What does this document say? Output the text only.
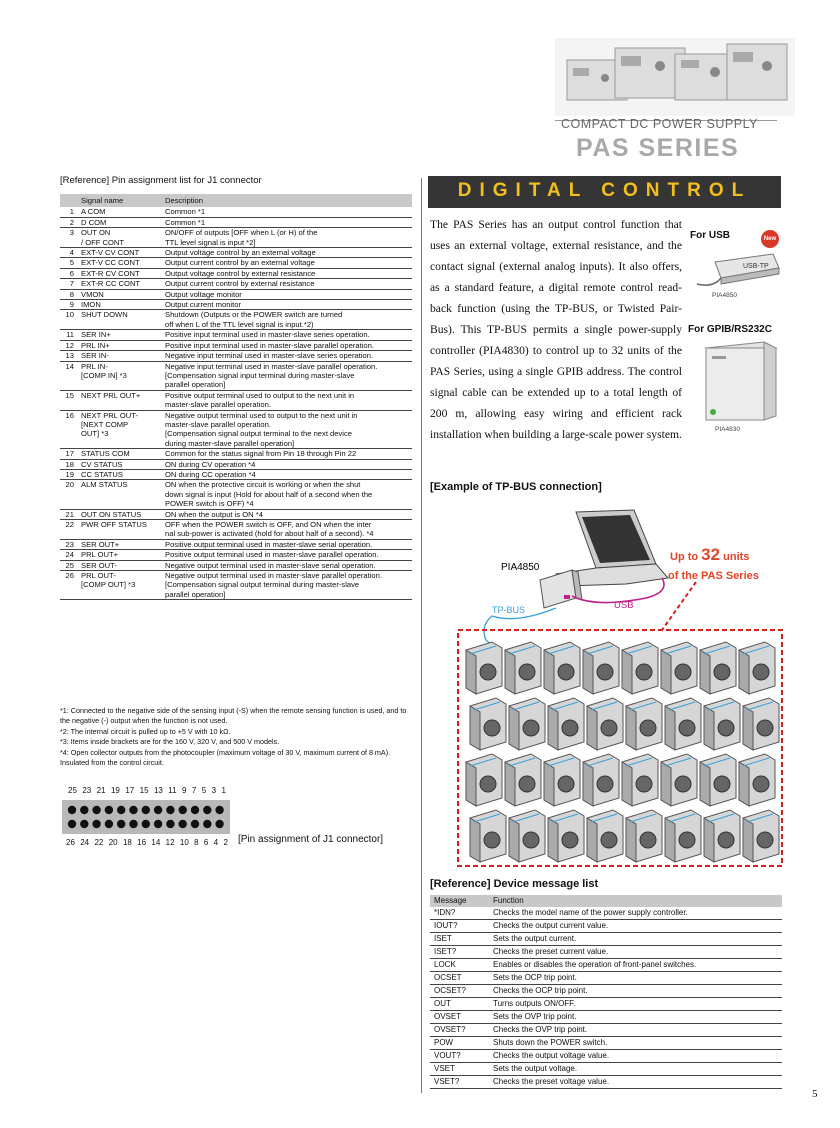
COMPACT DC POWER SUPPLY
PAS SERIES
[Reference] Pin assignment list for J1 connector
	Signal name	Description
1	A COM	Common *1
2	D COM	Common *1
3	OUT ON
/ OFF CONT	ON/OFF of outputs [OFF when L (or H) of the
TTL level signal is input *2]
4	EXT-V CV CONT	Output voltage control by an external voltage
5	EXT-V CC CONT	Output current control by an external voltage
6	EXT-R CV CONT	Output voltage control by external resistance
7	EXT-R CC CONT	Output current control by external resistance
8	VMON	Output voltage monitor
9	IMON	Output current monitor
10	SHUT DOWN	Shutdown (Outputs or the POWER switch are turned
off when L of the TTL level signal is input.*2)
11	SER IN+	Positive input terminal used in master-slave series operation.
12	PRL IN+	Positive input terminal used in master-slave parallel operation.
13	SER IN-	Negative input terminal used in master-slave series operation.
14	PRL IN-
[COMP IN] *3	Negative input terminal used in master-slave parallel operation.
[Compensation signal input terminal during master-slave
parallel operation]
15	NEXT PRL OUT+	Positive output terminal used to output to the next unit in
master-slave parallel operation.
16	NEXT PRL OUT-
[NEXT COMP
OUT] *3	Negative output terminal used to output to the next unit in
master-slave parallel operation.
[Compensation signal output terminal to the next device
during master-slave parallel operation]
17	STATUS COM	Common for the status signal from Pin 18 through Pin 22
18	CV STATUS	ON during CV operation *4
19	CC STATUS	ON during CC operation *4
20	ALM STATUS	ON when the protective circuit is working or when the shut
down signal is input (Hold for about half of a second when the
POWER switch is OFF) *4
21	OUT ON STATUS	ON when the output is ON *4
22	PWR OFF STATUS	OFF when the POWER switch is OFF, and ON when the inter
nal sub-power is activated (hold for about half of a second). *4
23	SER OUT+	Positive output terminal used in master-slave serial operation.
24	PRL OUT+	Positive output terminal used in master-slave parallel operation.
25	SER OUT-	Negative output terminal used in master-slave serial operation.
26	PRL OUT-
[COMP OUT] *3	Negative output terminal used in master-slave parallel operation.
[Compensation signal output terminal during master-slave
parallel operation]
*1: Connected to the negative side of the sensing input (-S) when the remote sensing function is used, and to the negative (-) output when the function is not used.
*2: The internal circuit is pulled up to +5 V with 10 kΩ.
*3: Items inside brackets are for the 160 V, 320 V, and 500 V models.
*4: Open collector outputs from the photocoupler (maximum voltage of 30 V, maximum current of 8 mA). Insulated from the control circuit.
25 23 21 19 17 15 13 11 9 7 5 3 1
26 24 22 20 18 16 14 12 10 8 6 4 2 [Pin assignment of J1 connector]
DIGITAL CONTROL
The PAS Series has an output control function that uses an external voltage, external resistance, and the contact signal (external analog inputs). It also offers, as a standard feature, a digital remote control read-back function (using the TP-BUS, or Twisted Pair-Bus). This TP-BUS permits a single power-supply controller (PIA4830) to control up to 32 units of the PAS Series, using a single GPIB address. The control signal cable can be extended up to a total length of 200 m, allowing easy wiring and efficient rack installation when building a large-scale power system.
For USB	New
USB-TP
PIA4850
For GPIB/RS232C
PIA4830
[Example of TP-BUS connection]
PIA4850
TP-BUS	USB
Up to 32 units
of the PAS Series
[Reference] Device message list
Message	Function
*IDN?	Checks the model name of the power supply controller.
IOUT?	Checks the output current value.
ISET	Sets the output current.
ISET?	Checks the preset current value.
LOCK	Enables or disables the operation of front-panel switches.
OCSET	Sets the OCP trip point.
OCSET?	Checks the OCP trip point.
OUT	Turns outputs ON/OFF.
OVSET	Sets the OVP trip point.
OVSET?	Checks the OVP trip point.
POW	Shuts down the POWER switch.
VOUT?	Checks the output voltage value.
VSET	Sets the output voltage.
VSET?	Checks the preset voltage value.
5
